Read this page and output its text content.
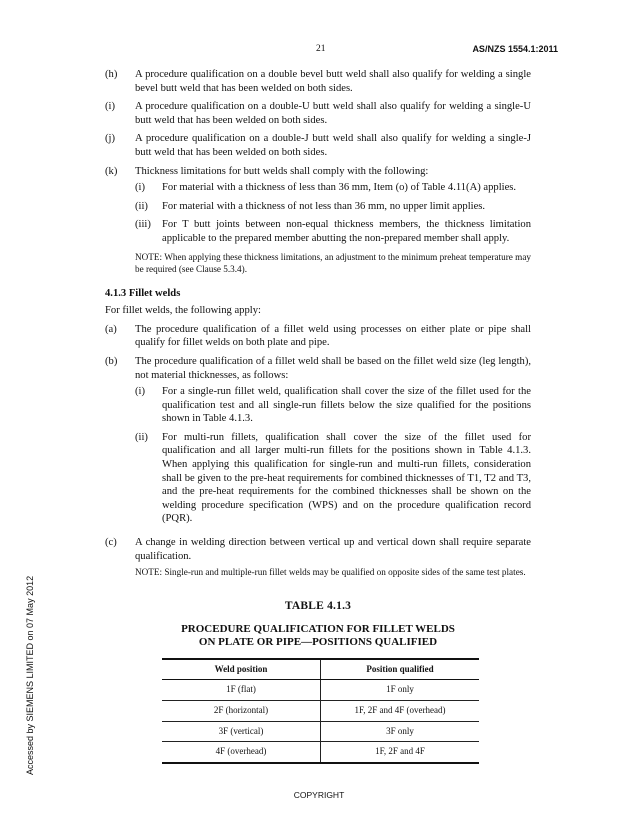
21	AS/NZS 1554.1:2011
(h)	A procedure qualification on a double bevel butt weld shall also qualify for welding a single bevel butt weld that has been welded on both sides.
(i)	A procedure qualification on a double-U butt weld shall also qualify for welding a single-U butt weld that has been welded on both sides.
(j)	A procedure qualification on a double-J butt weld shall also qualify for welding a single-J butt weld that has been welded on both sides.
(k)	Thickness limitations for butt welds shall comply with the following:
(i)	For material with a thickness of less than 36 mm, Item (o) of Table 4.11(A) applies.
(ii)	For material with a thickness of not less than 36 mm, no upper limit applies.
(iii)	For T butt joints between non-equal thickness members, the thickness limitation applicable to the prepared member abutting the non-prepared member shall apply.
NOTE: When applying these thickness limitations, an adjustment to the minimum preheat temperature may be required (see Clause 5.3.4).
4.1.3 Fillet welds
For fillet welds, the following apply:
(a)	The procedure qualification of a fillet weld using processes on either plate or pipe shall qualify for fillet welds on both plate and pipe.
(b)	The procedure qualification of a fillet weld shall be based on the fillet weld size (leg length), not material thicknesses, as follows:
(i)	For a single-run fillet weld, qualification shall cover the size of the fillet used for the qualification test and all single-run fillets below the size qualified for the positions shown in Table 4.1.3.
(ii)	For multi-run fillets, qualification shall cover the size of the fillet used for qualification and all larger multi-run fillets for the positions shown in Table 4.1.3. When applying this qualification for single-run and multi-run fillets, consideration shall be given to the pre-heat requirements for combined thicknesses of T1, T2 and T3, and the pre-heat requirements for the combined thicknesses shall be shown on the welding procedure specification (WPS) and on the procedure qualification record (PQR).
(c)	A change in welding direction between vertical up and vertical down shall require separate qualification.
NOTE: Single-run and multiple-run fillet welds may be qualified on opposite sides of the same test plates.
TABLE 4.1.3
PROCEDURE QUALIFICATION FOR FILLET WELDS
ON PLATE OR PIPE—POSITIONS QUALIFIED
Weld position	Position qualified
1F (flat)	1F only
2F (horizontal)	1F, 2F and 4F (overhead)
3F (vertical)	3F only
4F (overhead)	1F, 2F and 4F
Accessed by SIEMENS LIMITED on 07 May 2012
COPYRIGHT
